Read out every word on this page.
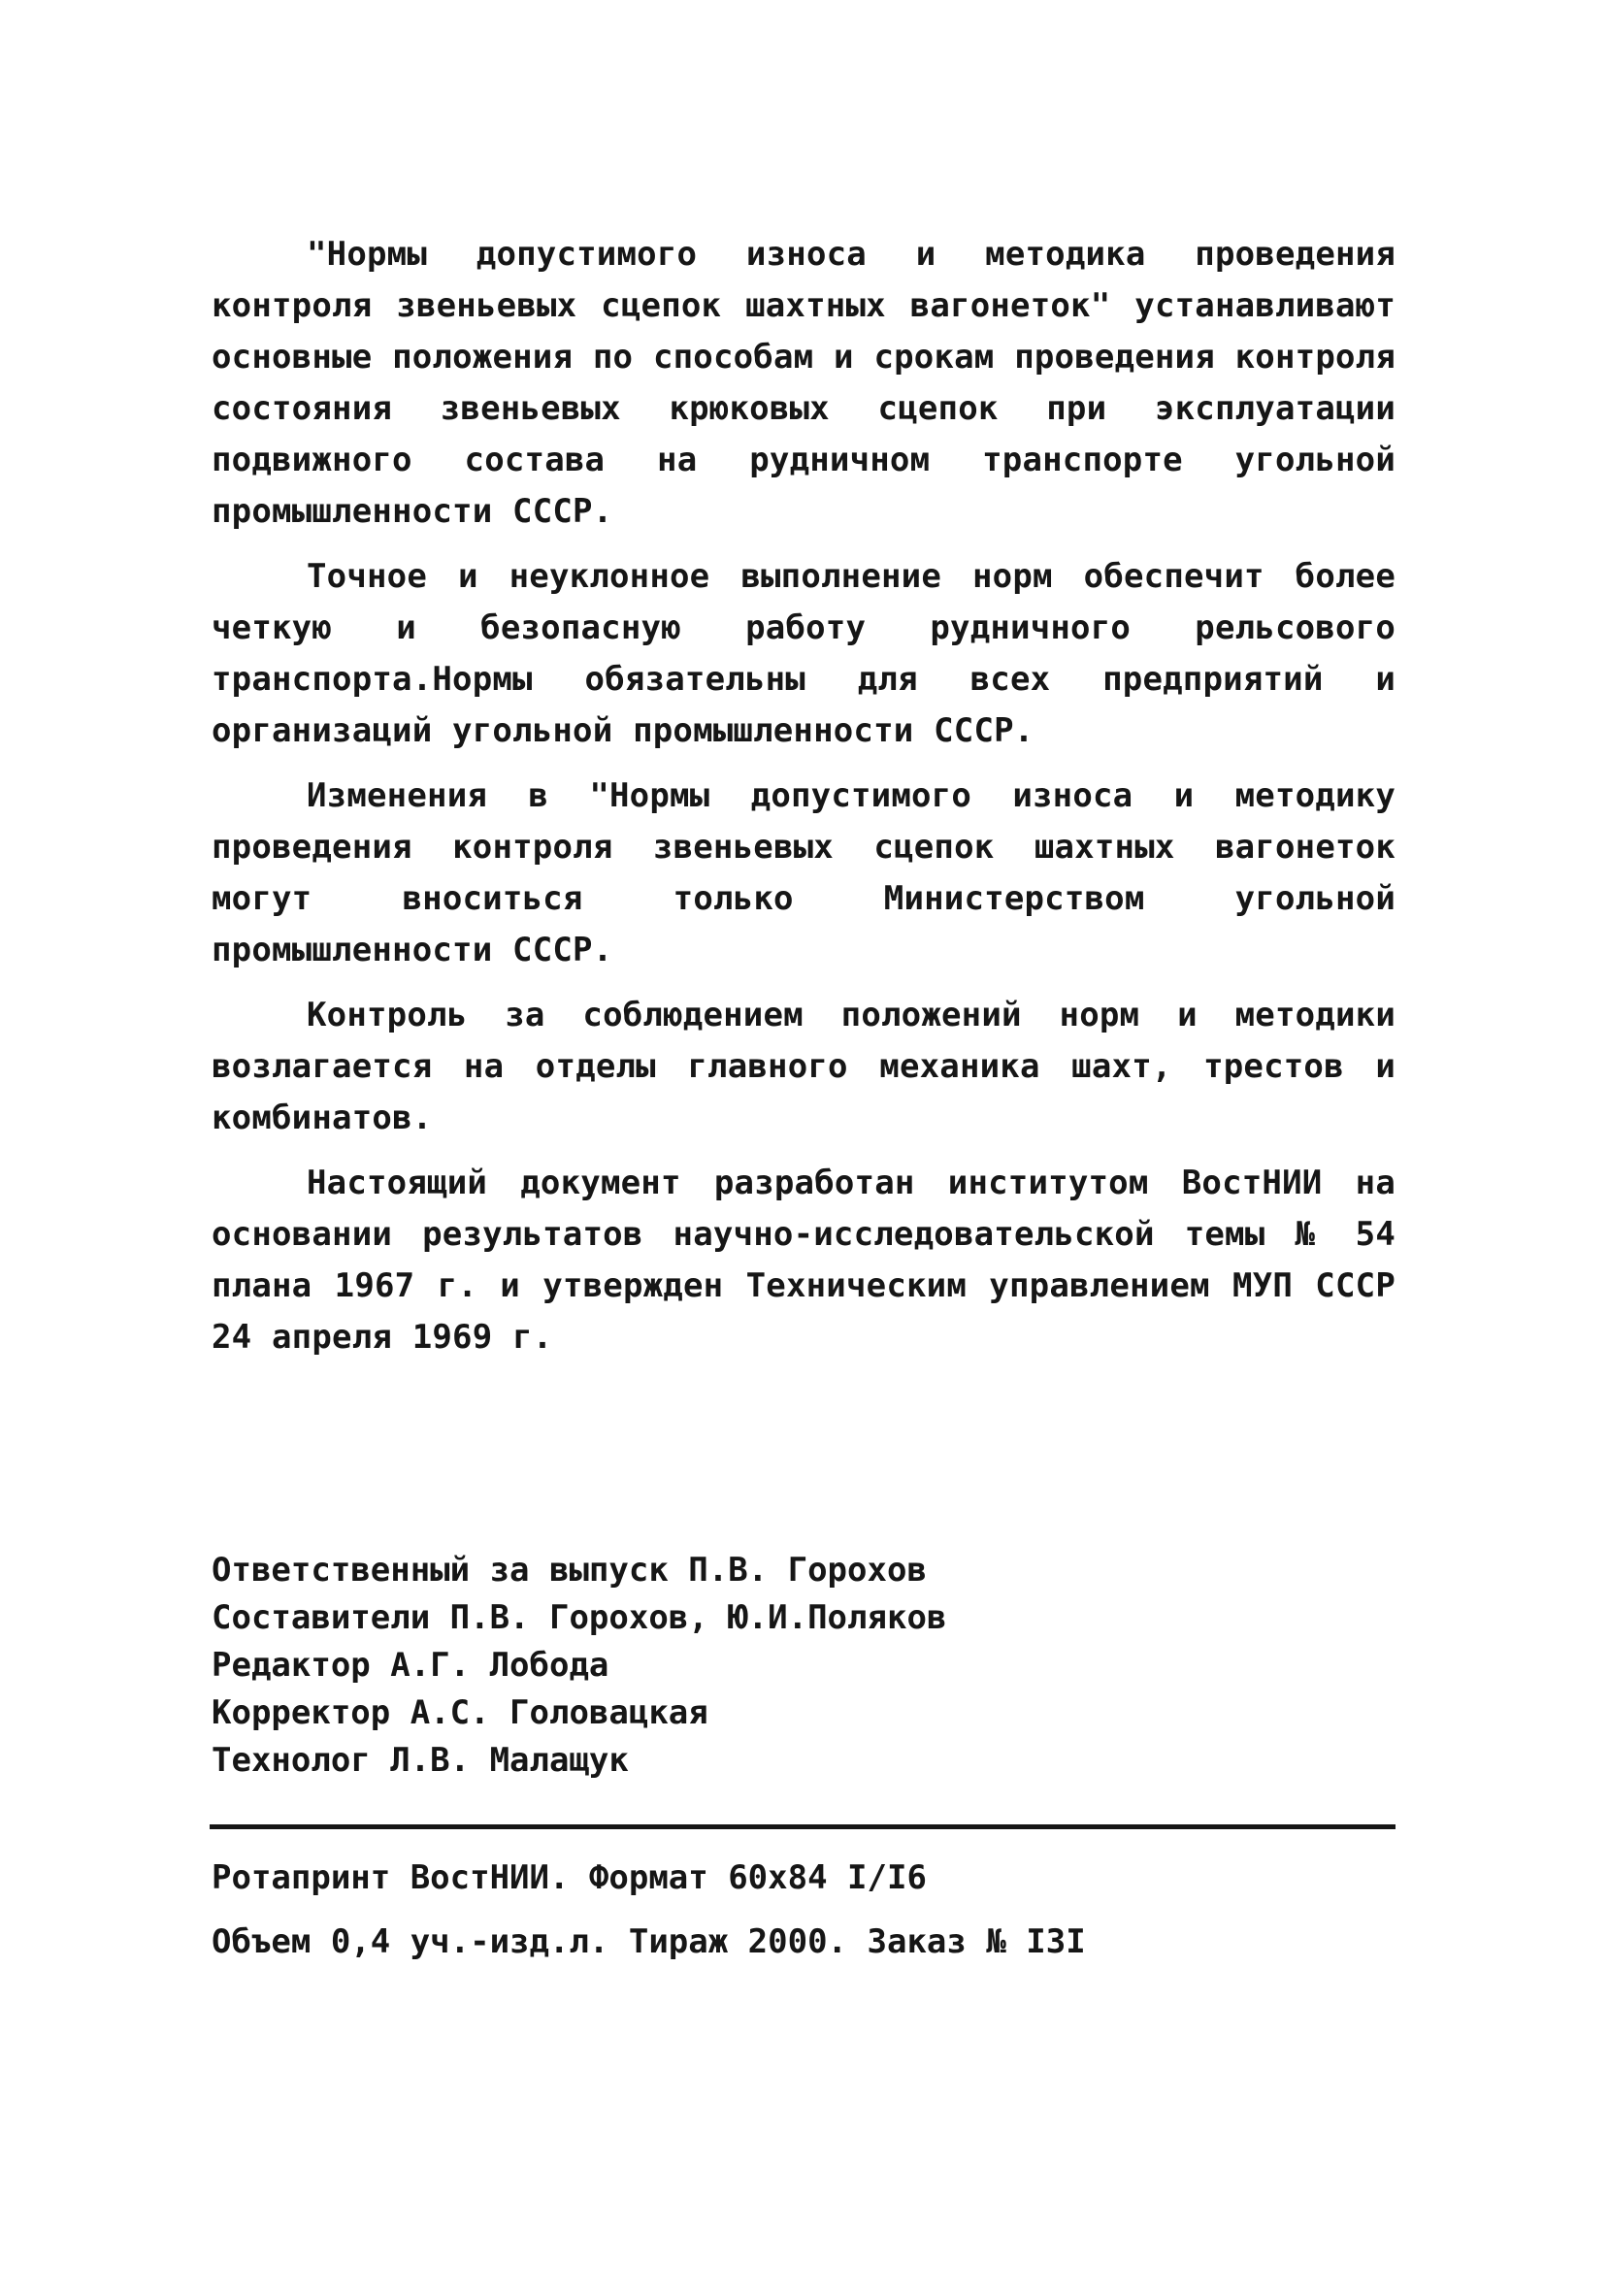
"Нормы допустимого износа и методика проведения контроля звеньевых сцепок шахтных вагонеток" устанавливают основные положения по способам и срокам проведения контроля состояния звеньевых крюковых сцепок при эксплуатации подвижного состава на рудничном транспорте угольной промышленности СССР.

Точное и неуклонное выполнение норм обеспечит более четкую и безопасную работу рудничного рельсового транспорта.Нормы обязательны для всех предприятий и организаций угольной промышленности СССР.

Изменения в "Нормы допустимого износа и методику проведения контроля звеньевых сцепок шахтных вагонеток могут вноситься только Министерством угольной промышленности СССР.

Контроль за соблюдением положений норм и методики возлагается на отделы главного механика шахт, трестов и комбинатов.

Настоящий документ разработан институтом ВостНИИ на основании результатов научно-исследовательской темы № 54 плана 1967 г. и утвержден Техническим управлением МУП СССР 24 апреля 1969 г.

Ответственный за выпуск П.В. Горохов
Составители П.В. Горохов, Ю.И.Поляков
Редактор А.Г. Лобода
Корректор А.С. Головацкая
Технолог Л.В. Малащук
Ротапринт ВостНИИ. Формат 60х84 I/I6
Объем 0,4 уч.-изд.л. Тираж 2000. Заказ № I3I
